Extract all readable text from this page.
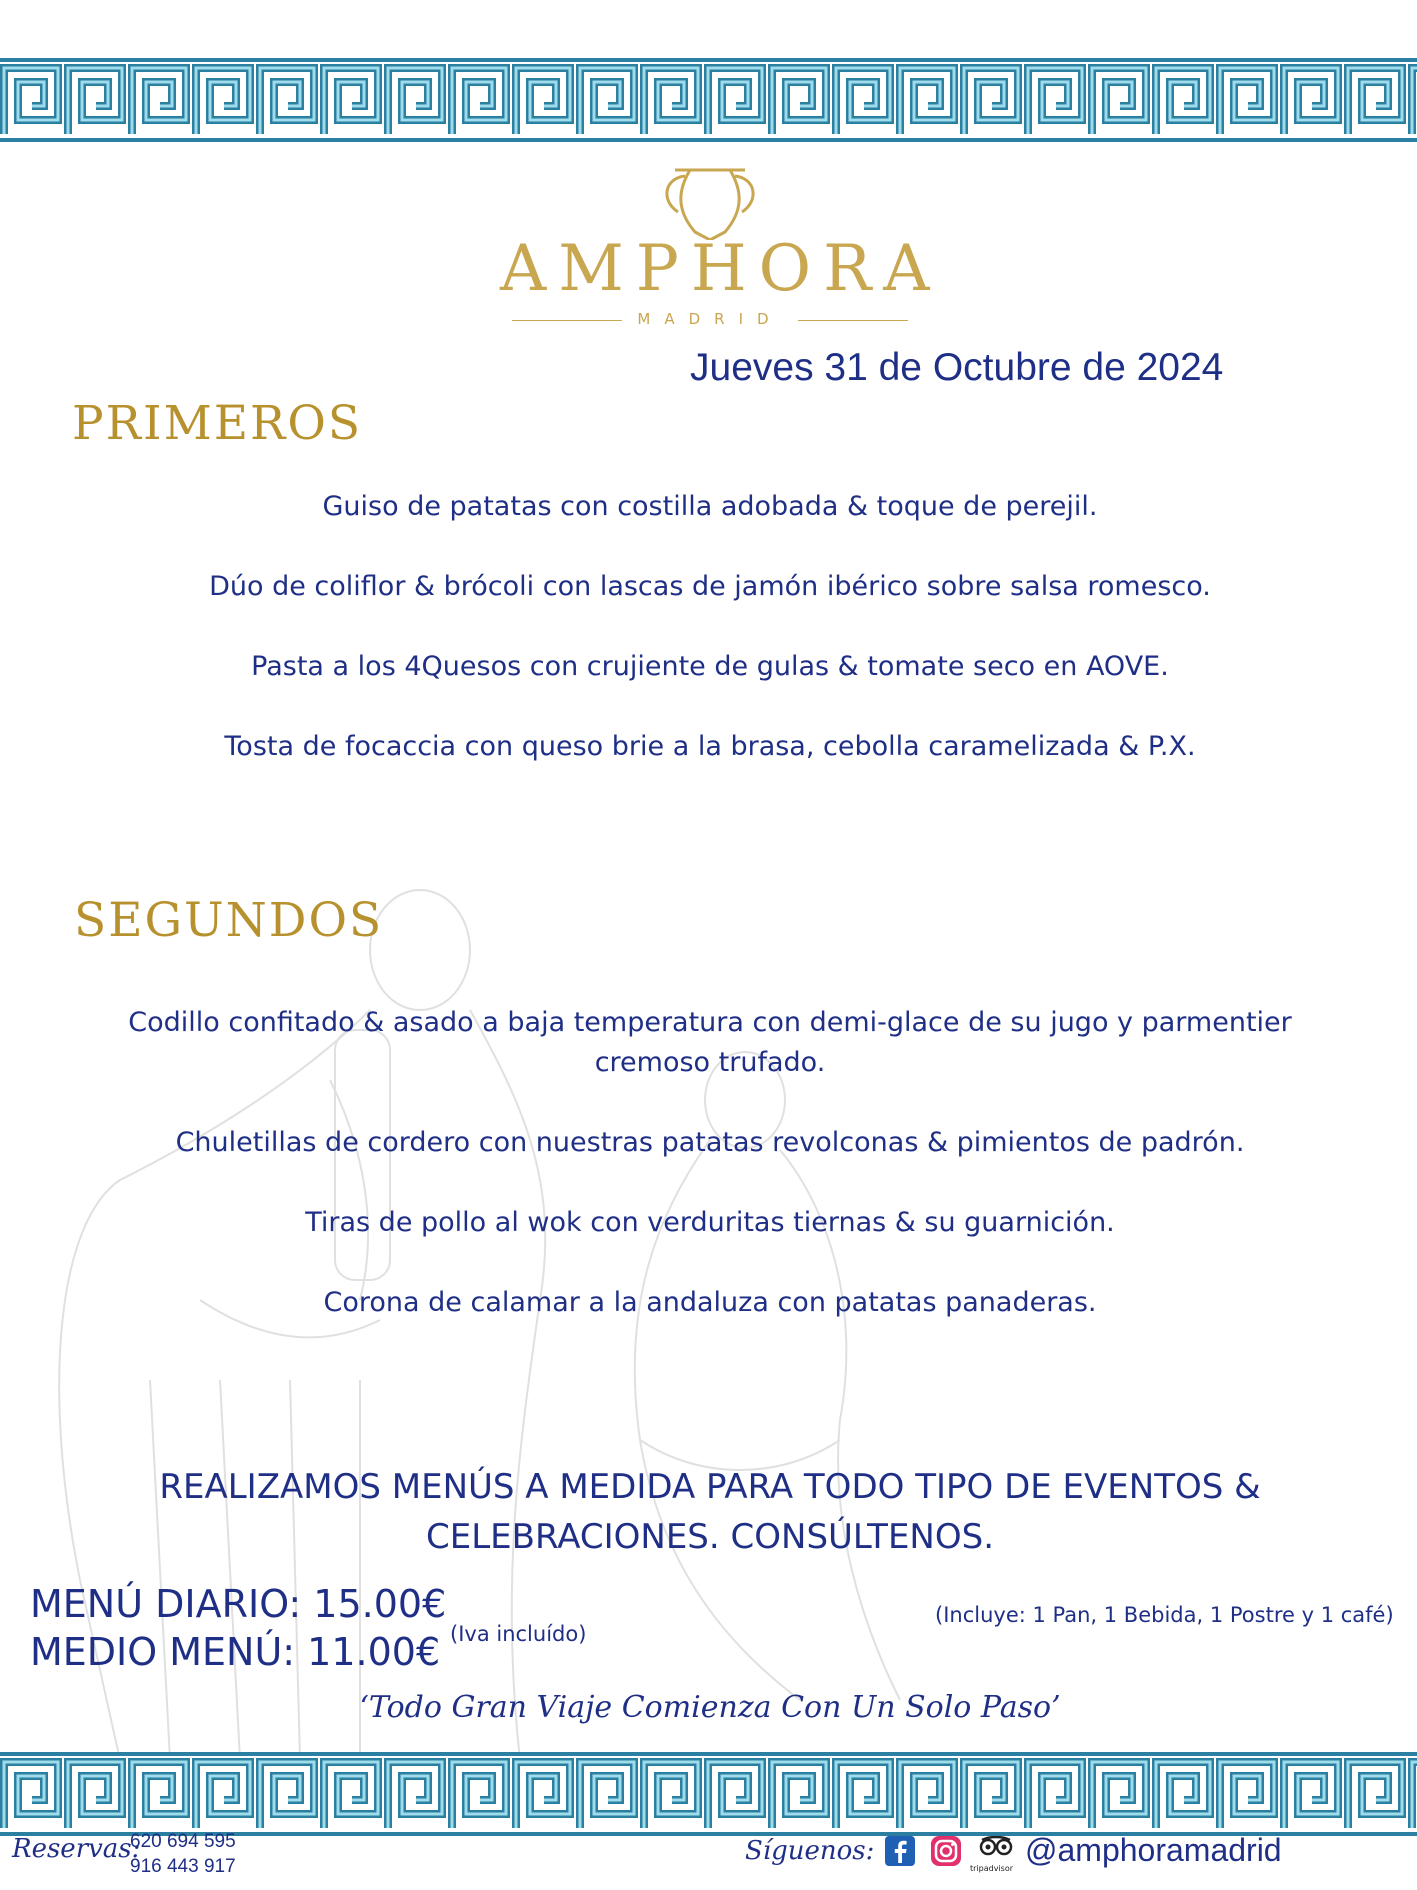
AMPHORA
MADRID
Jueves 31 de Octubre de 2024
PRIMEROS
Guiso de patatas con costilla adobada & toque de perejil.
Dúo de coliflor & brócoli con lascas de jamón ibérico sobre salsa romesco.
Pasta a los 4Quesos con crujiente de gulas & tomate seco en AOVE.
Tosta de focaccia con queso brie a la brasa, cebolla caramelizada & P.X.
SEGUNDOS
Codillo confitado & asado a baja temperatura con demi-glace de su jugo y parmentier cremoso trufado.
Chuletillas de cordero con nuestras patatas revolconas & pimientos de padrón.
Tiras de pollo al wok con verduritas tiernas & su guarnición.
Corona de calamar a la andaluza con patatas panaderas.
REALIZAMOS MENÚS A MEDIDA PARA TODO TIPO DE EVENTOS & CELEBRACIONES. CONSÚLTENOS.
MENÚ DIARIO: 15.00€
MEDIO MENÚ: 11.00€ (Iva incluído)
(Incluye: 1 Pan, 1 Bebida, 1 Postre y 1 café)
‘Todo Gran Viaje Comienza Con Un Solo Paso’
Reservas:
620 694 595
916 443 917
Síguenos:
tripadvisor
@amphoramadrid
